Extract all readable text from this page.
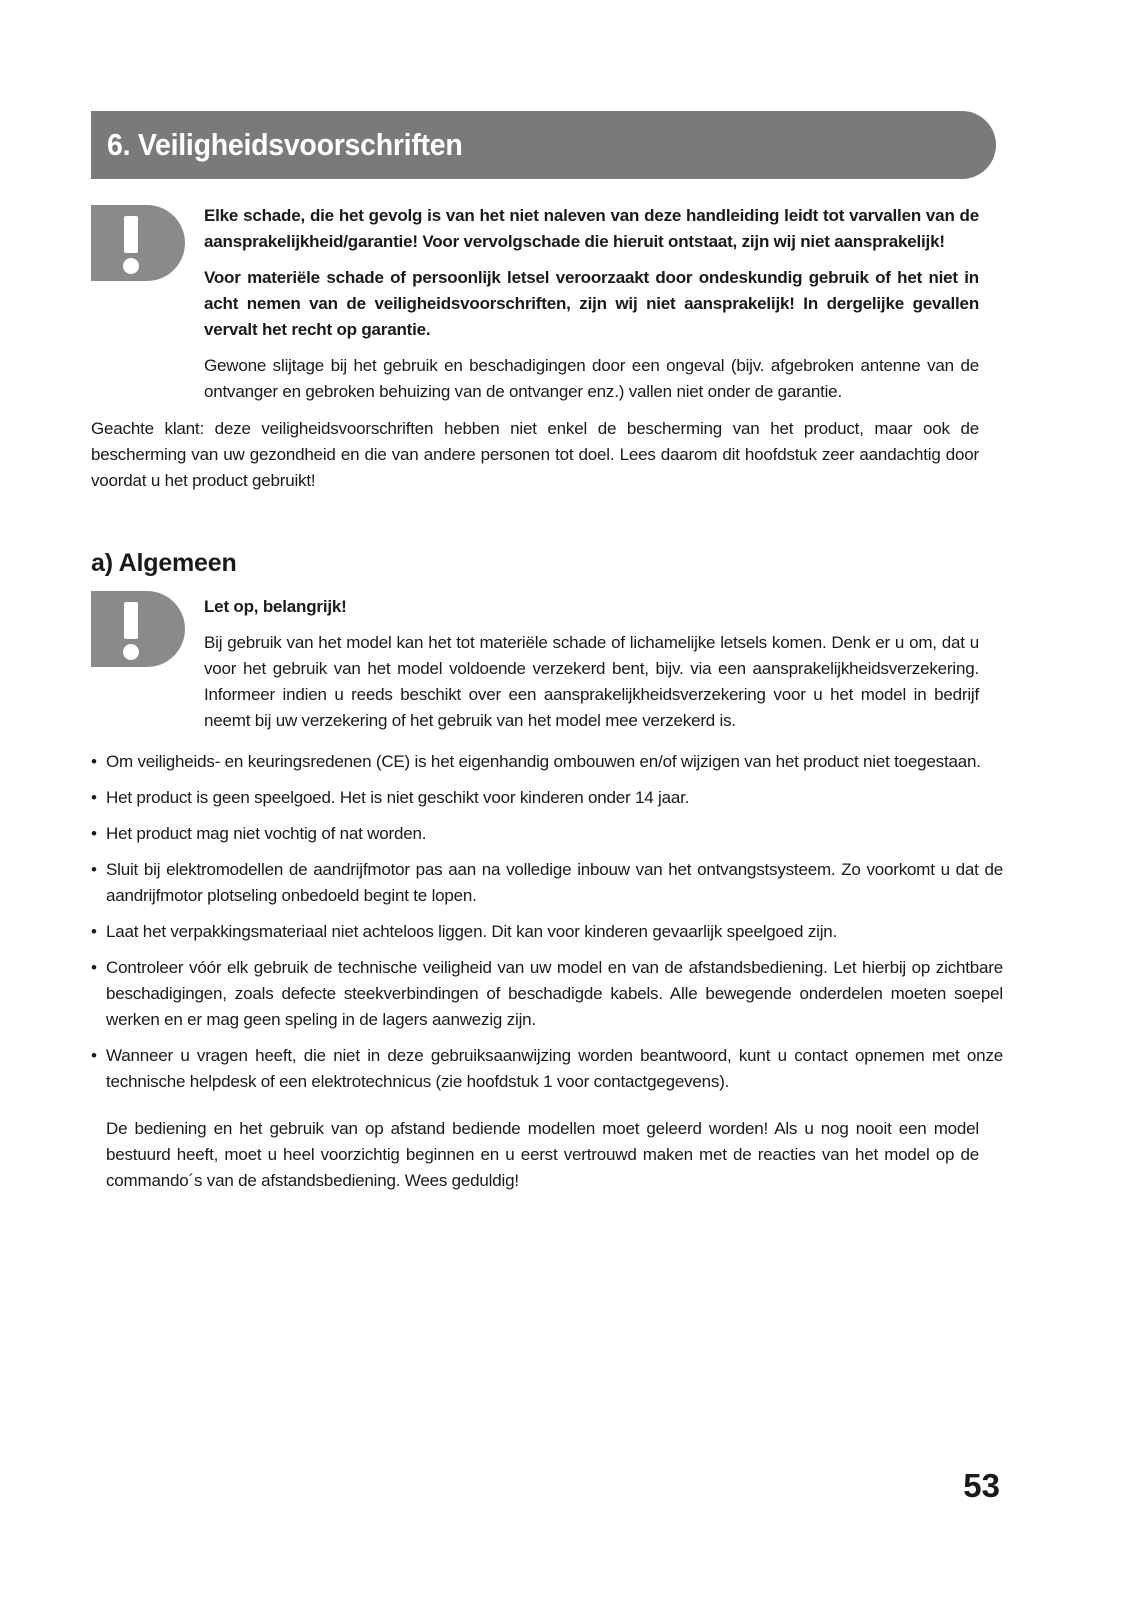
6. Veiligheidsvoorschriften

Elke schade, die het gevolg is van het niet naleven van deze handleiding leidt tot varvallen van de aansprakelijkheid/garantie! Voor vervolgschade die hieruit ontstaat, zijn wij niet aansprakelijk!

Voor materiële schade of persoonlijk letsel veroorzaakt door ondeskundig gebruik of het niet in acht nemen van de veiligheidsvoorschriften, zijn wij niet aansprakelijk! In dergelijke gevallen vervalt het recht op garantie.

Gewone slijtage bij het gebruik en beschadigingen door een ongeval (bijv. afgebroken antenne van de ontvanger en gebroken behuizing van de ontvanger enz.) vallen niet onder de garantie.

Geachte klant: deze veiligheidsvoorschriften hebben niet enkel de bescherming van het product, maar ook de bescherming van uw gezondheid en die van andere personen tot doel. Lees daarom dit hoofdstuk zeer aandachtig door voordat u het product gebruikt!

a) Algemeen

Let op, belangrijk!

Bij gebruik van het model kan het tot materiële schade of lichamelijke letsels komen. Denk er u om, dat u voor het gebruik van het model voldoende verzekerd bent, bijv. via een aansprakelijkheidsverzekering. Informeer indien u reeds beschikt over een aansprakelijkheidsverzekering voor u het model in bedrijf neemt bij uw verzekering of het gebruik van het model mee verzekerd is.

• Om veiligheids- en keuringsredenen (CE) is het eigenhandig ombouwen en/of wijzigen van het product niet toegestaan.
• Het product is geen speelgoed. Het is niet geschikt voor kinderen onder 14 jaar.
• Het product mag niet vochtig of nat worden.
• Sluit bij elektromodellen de aandrijfmotor pas aan na volledige inbouw van het ontvangstsysteem. Zo voorkomt u dat de aandrijfmotor plotseling onbedoeld begint te lopen.
• Laat het verpakkingsmateriaal niet achteloos liggen. Dit kan voor kinderen gevaarlijk speelgoed zijn.
• Controleer vóór elk gebruik de technische veiligheid van uw model en van de afstandsbediening. Let hierbij op zichtbare beschadigingen, zoals defecte steekverbindingen of beschadigde kabels. Alle bewegende onderdelen moeten soepel werken en er mag geen speling in de lagers aanwezig zijn.
• Wanneer u vragen heeft, die niet in deze gebruiksaanwijzing worden beantwoord, kunt u contact opnemen met onze technische helpdesk of een elektrotechnicus (zie hoofdstuk 1 voor contactgegevens).

De bediening en het gebruik van op afstand bediende modellen moet geleerd worden! Als u nog nooit een model bestuurd heeft, moet u heel voorzichtig beginnen en u eerst vertrouwd maken met de reacties van het model op de commando´s van de afstandsbediening. Wees geduldig!

53
